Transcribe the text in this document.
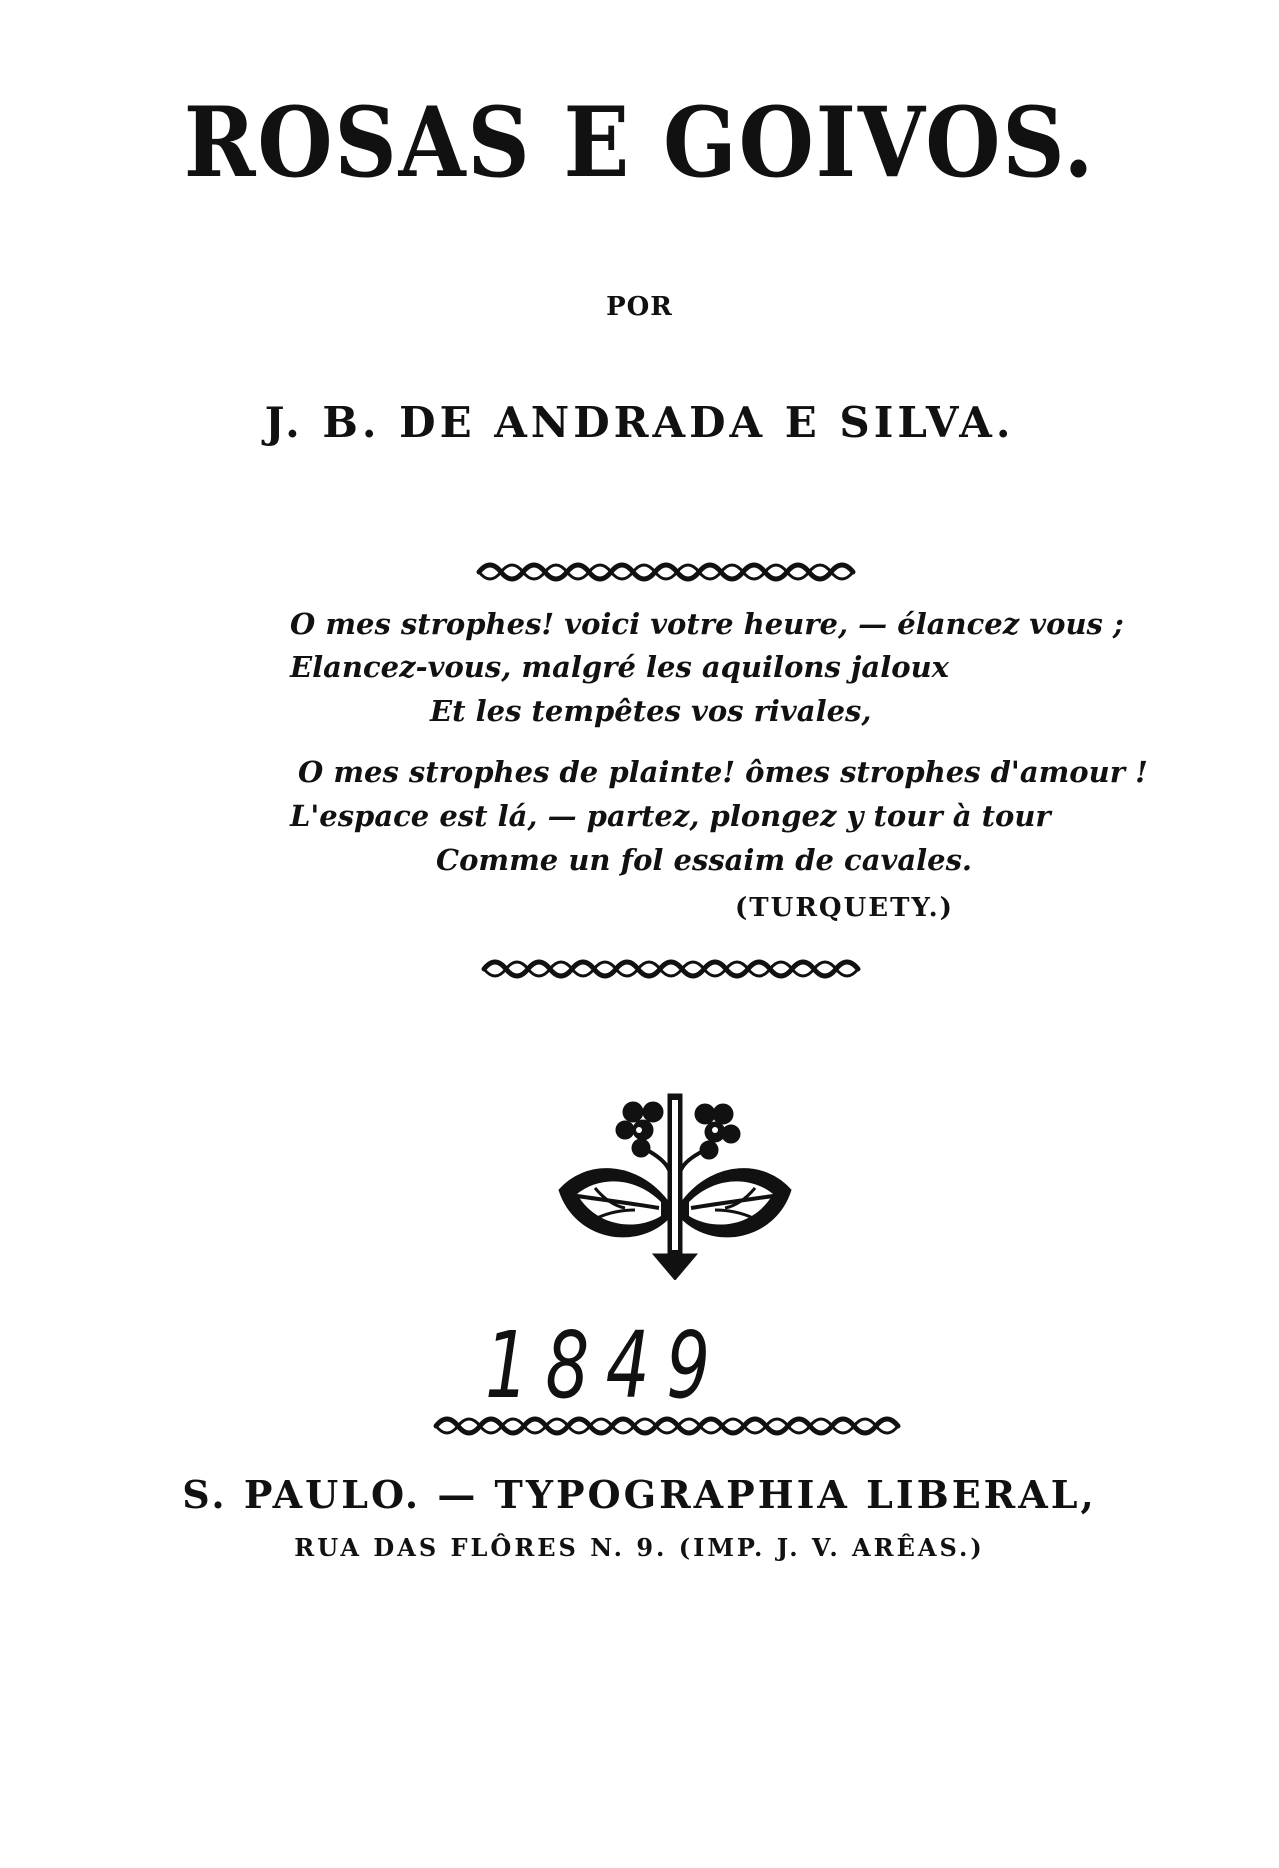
ROSAS E GOIVOS.
POR
J. B. DE ANDRADA E SILVA.
O mes strophes! voici votre heure, — élancez vous ;
Elancez-vous, malgré les aquilons jaloux
Et les tempêtes vos rivales,
O mes strophes de plainte! ômes strophes d'amour !
L'espace est lá, — partez, plongez y tour à tour
Comme un fol essaim de cavales.
(TURQUETY.)
1849
S. PAULO. — TYPOGRAPHIA LIBERAL,
RUA DAS FLÔRES N. 9. (IMP. J. V. ARÊAS.)
